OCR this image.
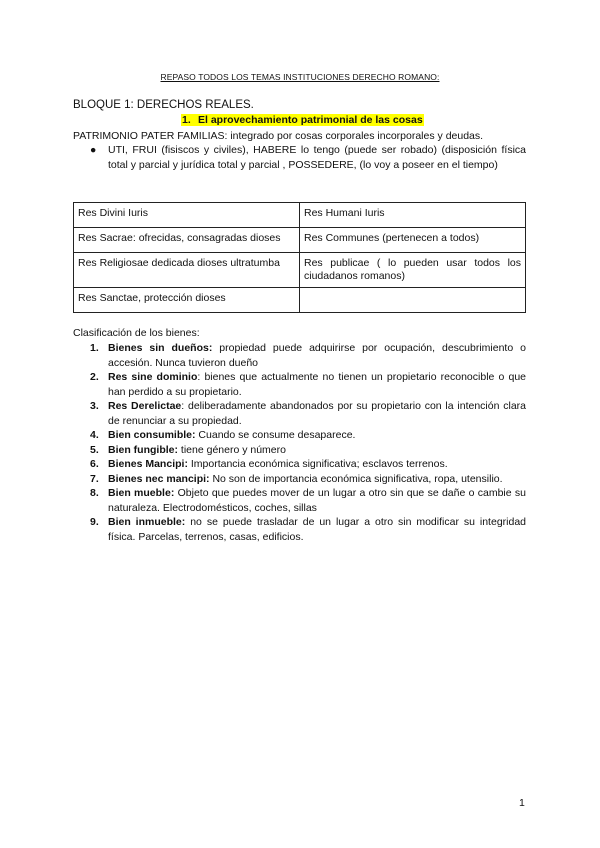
REPASO TODOS LOS TEMAS INSTITUCIONES DERECHO ROMANO:
BLOQUE 1: DERECHOS REALES.
1. El aprovechamiento patrimonial de las cosas
PATRIMONIO PATER FAMILIAS: integrado por cosas corporales incorporales y deudas.
● UTI, FRUI (fisiscos y civiles), HABERE lo tengo (puede ser robado) (disposición física total y parcial y jurídica total y parcial , POSSEDERE, (lo voy a poseer en el tiempo)
Res Divini Iuris	Res Humani Iuris
Res Sacrae: ofrecidas, consagradas dioses	Res Communes (pertenecen a todos)
Res Religiosae dedicada dioses ultratumba	Res publicae ( lo pueden usar todos los ciudadanos romanos)
Res Sanctae, protección dioses	
Clasificación de los bienes:
1. Bienes sin dueños: propiedad puede adquirirse por ocupación, descubrimiento o accesión. Nunca tuvieron dueño
2. Res sine dominio: bienes que actualmente no tienen un propietario reconocible o que han perdido a su propietario.
3. Res Derelictae: deliberadamente abandonados por su propietario con la intención clara de renunciar a su propiedad.
4. Bien consumible: Cuando se consume desaparece.
5. Bien fungible: tiene género y número
6. Bienes Mancipi: Importancia económica significativa; esclavos terrenos.
7. Bienes nec mancipi: No son de importancia económica significativa, ropa, utensilio.
8. Bien mueble: Objeto que puedes mover de un lugar a otro sin que se dañe o cambie su naturaleza. Electrodomésticos, coches, sillas
9. Bien inmueble: no se puede trasladar de un lugar a otro sin modificar su integridad física. Parcelas, terrenos, casas, edificios.
1
